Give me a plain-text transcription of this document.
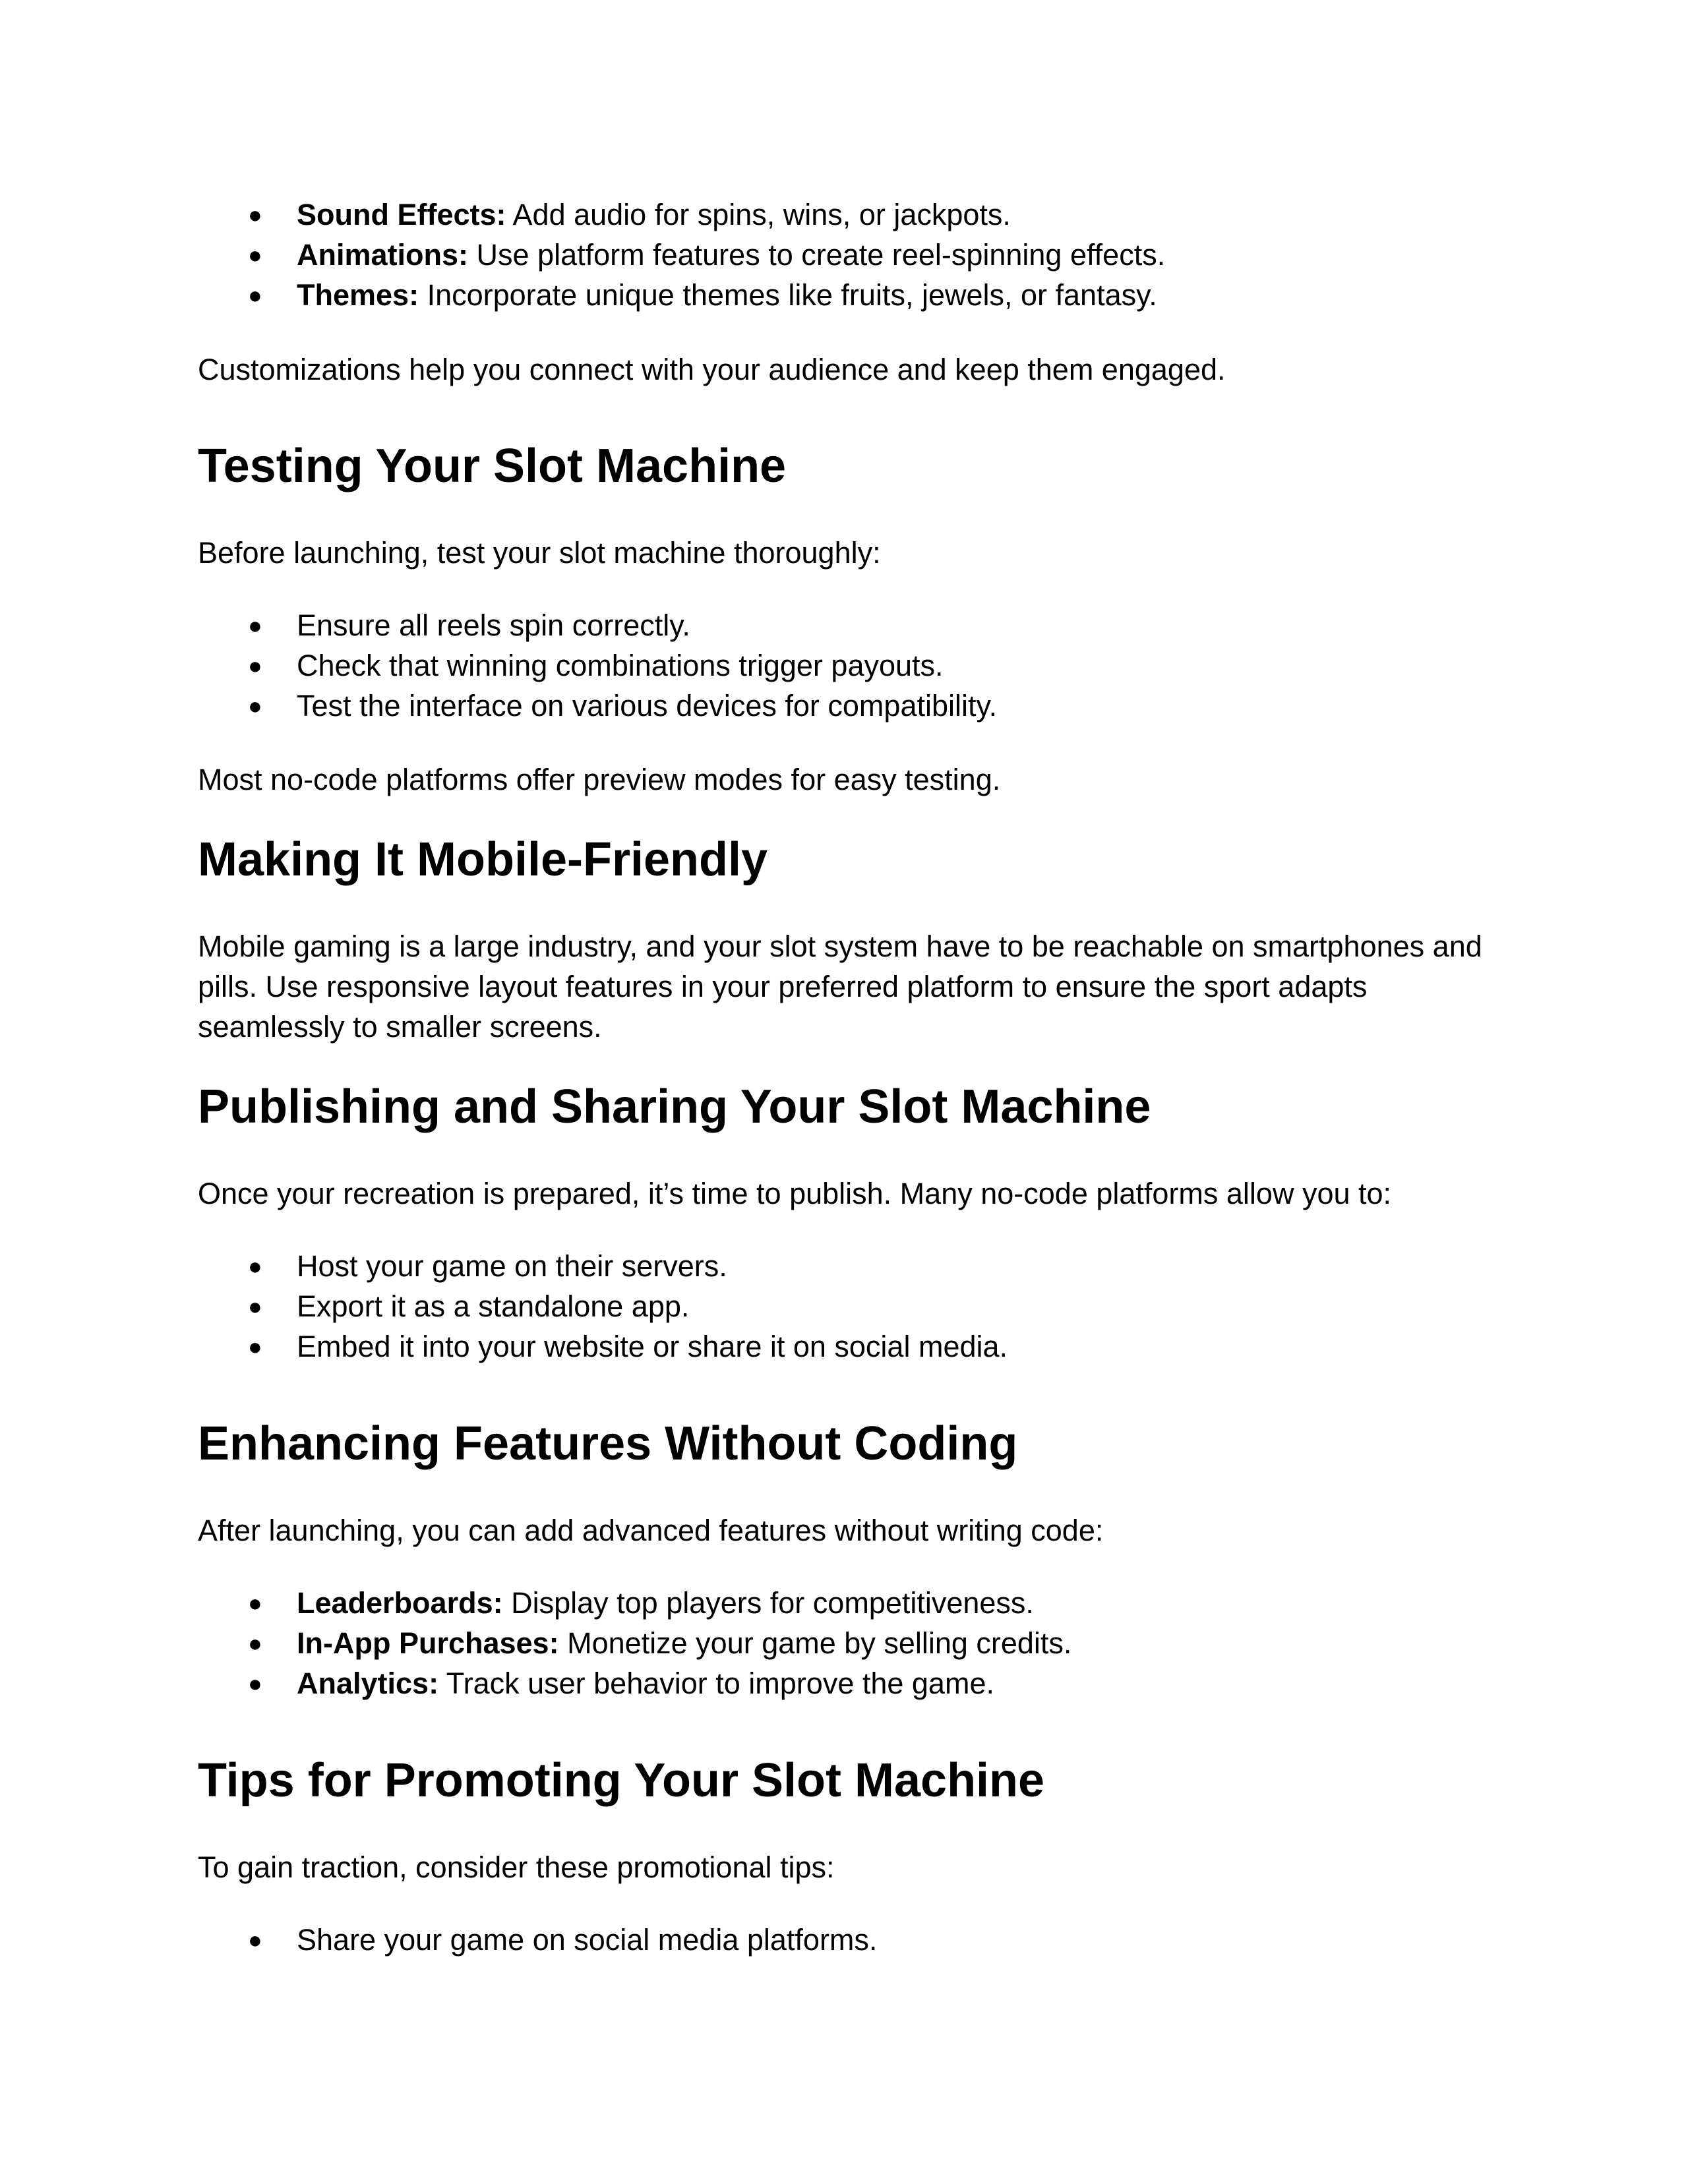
● Sound Effects: Add audio for spins, wins, or jackpots.
● Animations: Use platform features to create reel-spinning effects.
● Themes: Incorporate unique themes like fruits, jewels, or fantasy.

Customizations help you connect with your audience and keep them engaged.

Testing Your Slot Machine

Before launching, test your slot machine thoroughly:

● Ensure all reels spin correctly.
● Check that winning combinations trigger payouts.
● Test the interface on various devices for compatibility.

Most no-code platforms offer preview modes for easy testing.

Making It Mobile-Friendly

Mobile gaming is a large industry, and your slot system have to be reachable on smartphones and pills. Use responsive layout features in your preferred platform to ensure the sport adapts seamlessly to smaller screens.

Publishing and Sharing Your Slot Machine

Once your recreation is prepared, it’s time to publish. Many no-code platforms allow you to:

● Host your game on their servers.
● Export it as a standalone app.
● Embed it into your website or share it on social media.
Enhancing Features Without Coding

After launching, you can add advanced features without writing code:

● Leaderboards: Display top players for competitiveness.
● In-App Purchases: Monetize your game by selling credits.
● Analytics: Track user behavior to improve the game.
Tips for Promoting Your Slot Machine

To gain traction, consider these promotional tips:

● Share your game on social media platforms.
